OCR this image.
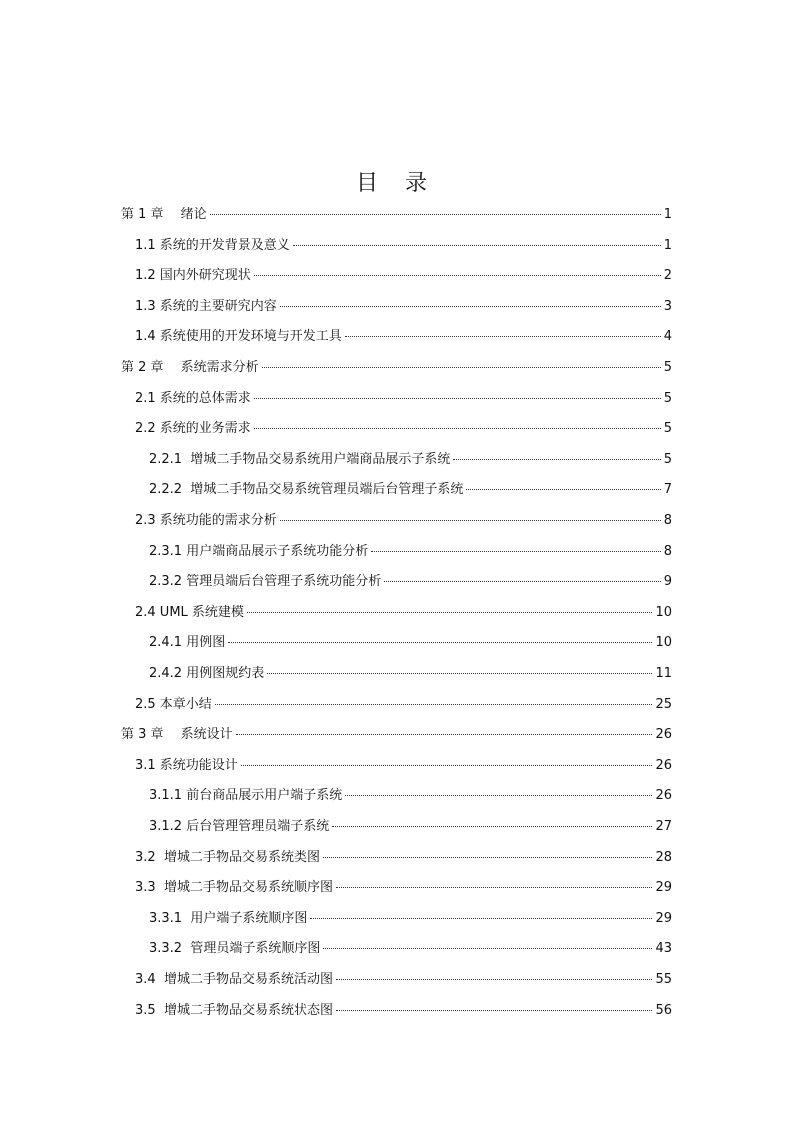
目 录
第 1 章　 绪论	1
1.1 系统的开发背景及意义	1
1.2 国内外研究现状	2
1.3 系统的主要研究内容	3
1.4 系统使用的开发环境与开发工具	4
第 2 章　 系统需求分析	5
2.1 系统的总体需求	5
2.2 系统的业务需求	5
2.2.1  增城二手物品交易系统用户端商品展示子系统	5
2.2.2  增城二手物品交易系统管理员端后台管理子系统	7
2.3 系统功能的需求分析	8
2.3.1 用户端商品展示子系统功能分析	8
2.3.2 管理员端后台管理子系统功能分析	9
2.4 UML 系统建模	10
2.4.1 用例图	10
2.4.2 用例图规约表	11
2.5 本章小结	25
第 3 章　 系统设计	26
3.1 系统功能设计	26
3.1.1 前台商品展示用户端子系统	26
3.1.2 后台管理管理员端子系统	27
3.2  增城二手物品交易系统类图	28
3.3  增城二手物品交易系统顺序图	29
3.3.1  用户端子系统顺序图	29
3.3.2  管理员端子系统顺序图	43
3.4  增城二手物品交易系统活动图	55
3.5  增城二手物品交易系统状态图	56
